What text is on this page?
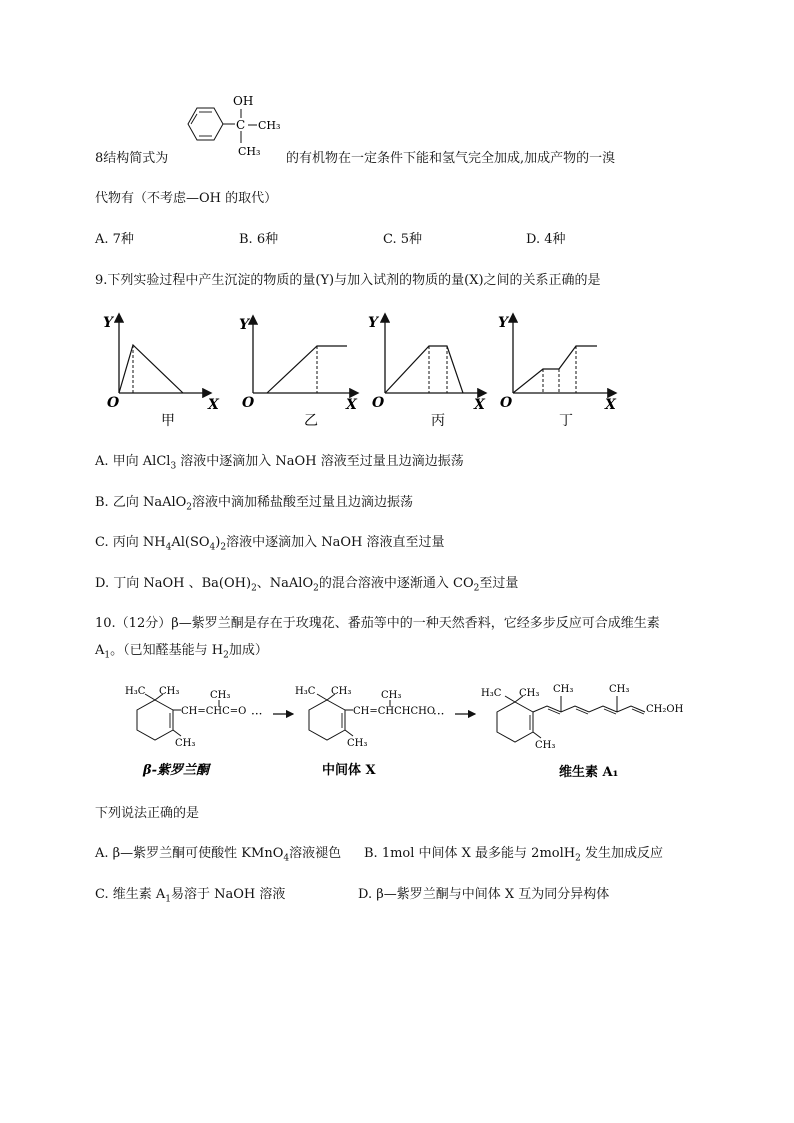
OH
C CH₃
CH₃
8结构简式为	的有机物在一定条件下能和氢气完全加成,加成产物的一溴
代物有（不考虑—OH 的取代）
A. 7种	B. 6种	C. 5种	D. 4种
9.下列实验过程中产生沉淀的物质的量(Y)与加入试剂的物质的量(X)之间的关系正确的是
Y
O	X
甲
Y
O	X
乙
Y
O	X
丙
Y
O	X
丁
A. 甲向 AlCl$_3$ 溶液中逐滴加入 NaOH 溶液至过量且边滴边振荡
B. 乙向 NaAlO$_2$溶液中滴加稀盐酸至过量且边滴边振荡
C. 丙向 $NH_4Al(SO_4)_2$溶液中逐滴加入 NaOH 溶液直至过量
D. 丁向 NaOH 、$Ba(OH)_2$、NaAlO$_2$的混合溶液中逐渐通入 $CO_2$至过量
10.（12分）β—紫罗兰酮是存在于玫瑰花、番茄等中的一种天然香料，它经多步反应可合成维生素
$A_1$。（已知醛基能与 $H_2$加成）
H₃C CH₃	CH₃
CH₃
CH=CHC=O ···
H₃C CH₃	CH₃
CH₃
CH=CHCHCHO
···
H₃C CH₃ CH₃	CH₃
CH₃
CH₂OH
β-紫罗兰酮	中间体 X	维生素 A₁
下列说法正确的是
A. β—紫罗兰酮可使酸性 KMnO$_4$溶液褪色 B. 1mol 中间体 X 最多能与 2molH$_2$ 发生加成反应
C. 维生素 $A_1$易溶于 NaOH 溶液	D. β—紫罗兰酮与中间体 X 互为同分异构体
